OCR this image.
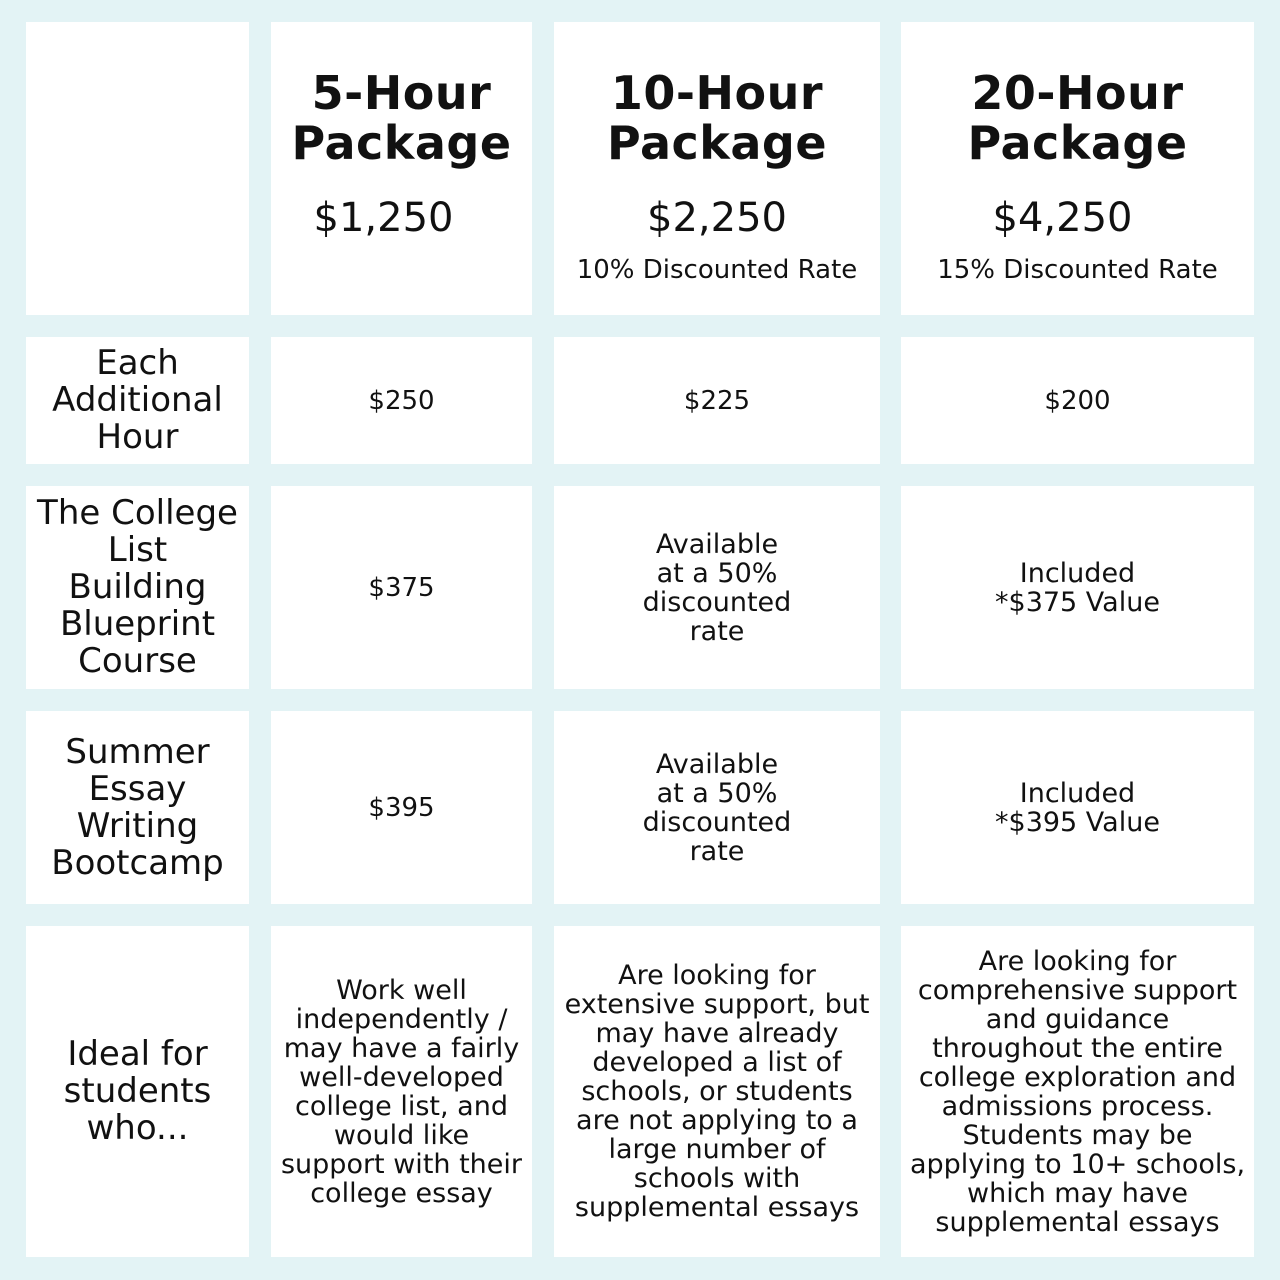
5-Hour Package
$1,250
10-Hour Package
$2,250
10% Discounted Rate
20-Hour Package
$4,250
15% Discounted Rate
Each Additional Hour
$250	$225	$200
The College List Building Blueprint Course
$375
Available
at a 50%
discounted
rate
Included
*$375 Value
Summer Essay Writing Bootcamp
$395
Available
at a 50%
discounted
rate
Included
*$395 Value
Ideal for students who...
Work well independently / may have a fairly well-developed college list, and would like support with their college essay
Are looking for extensive support, but may have already developed a list of schools, or students are not applying to a large number of schools with supplemental essays
Are looking for comprehensive support and guidance throughout the entire college exploration and admissions process. Students may be applying to 10+ schools, which may have supplemental essays
